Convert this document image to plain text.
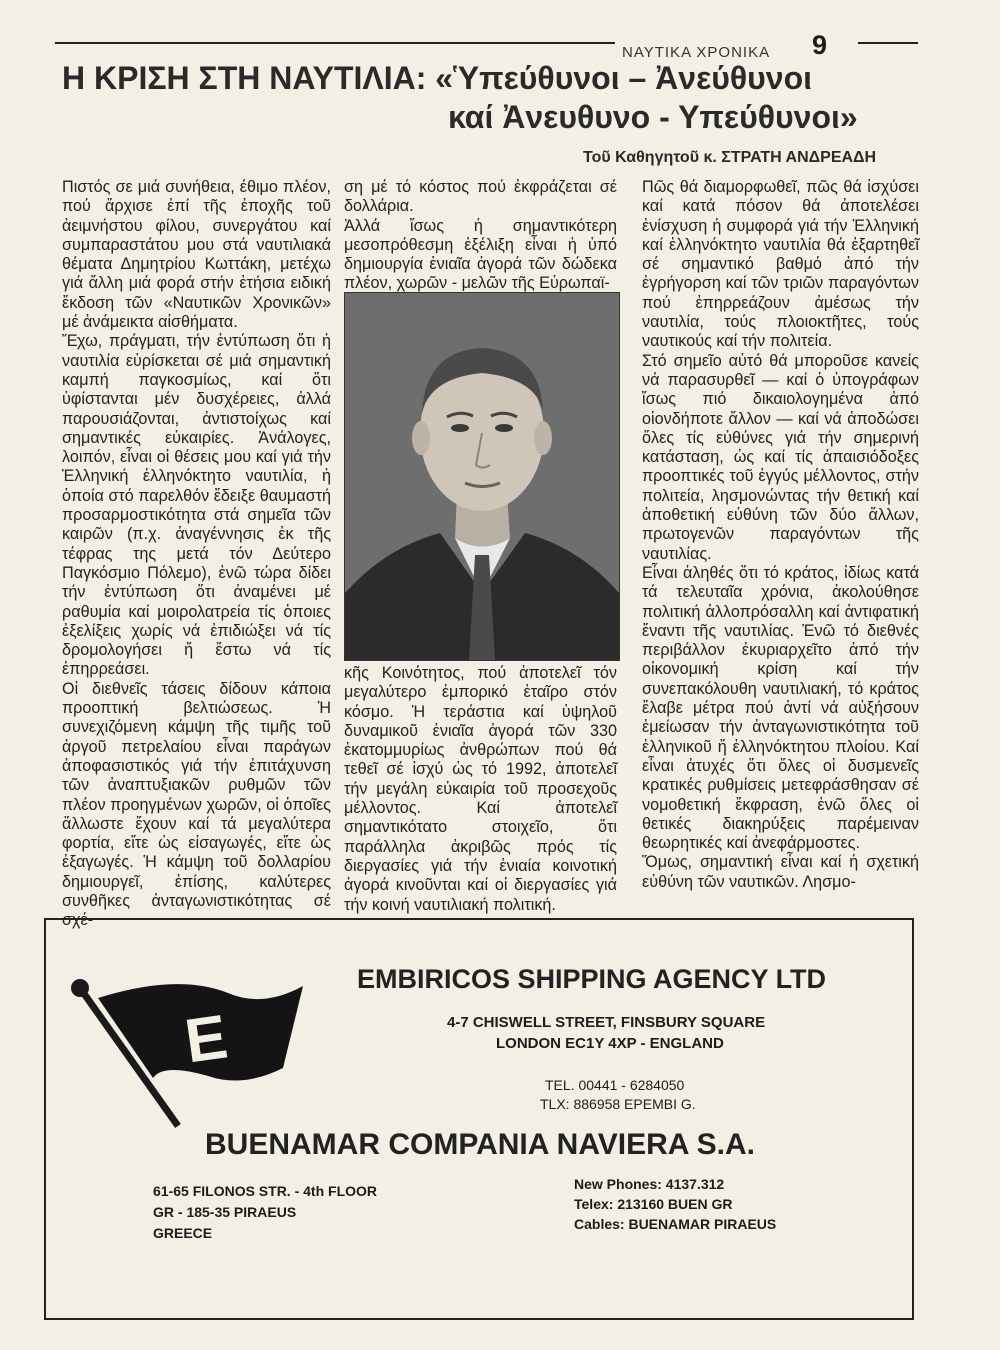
ΝΑΥΤΙΚΑ ΧΡΟΝΙΚΑ 9
Η ΚΡΙΣΗ ΣΤΗ ΝΑΥΤΙΛΙΑ: «Ὑπεύθυνοι – Ἀνεύθυνοι
καί Ἀνευθυνο - Υπεύθυνοι»
Τοῦ Καθηγητοῦ κ. ΣΤΡΑΤΗ ΑΝΔΡΕΑΔΗ
Πιστός σε μιά συνήθεια, έθιμο πλέον, πού ἄρχισε ἐπί τῆς ἐποχῆς τοῦ ἀειμνήστου φίλου, συνεργάτου καί συμπαραστάτου μου στά ναυτιλιακά θέματα Δημητρίου Κωττάκη, μετέχω γιά ἄλλη μιά φορά στήν ἐτήσια ειδική ἔκδοση τῶν «Ναυτικῶν Χρονικῶν» μέ ἀνάμεικτα αἰσθήματα.
Ἔχω, πράγματι, τήν ἐντύπωση ὅτι ἡ ναυτιλία εὑρίσκεται σέ μιά σημαντική καμπή παγκοσμίως, καί ὅτι ὑφίστανται μέν δυσχέρειες, ἀλλά παρουσιάζονται, ἀντιστοίχως καί σημαντικές εὐκαιρίες. Ἀνάλογες, λοιπόν, εἶναι οἱ θέσεις μου καί γιά τήν Ἑλληνική ἑλληνόκτητο ναυτιλία, ἡ ὁποία στό παρελθόν ἔδειξε θαυμαστή προσαρμοστικότητα στά σημεῖα τῶν καιρῶν (π.χ. ἀναγέννησις ἐκ τῆς τέφρας της μετά τόν Δεύτερο Παγκόσμιο Πόλεμο), ἐνῶ τώρα δίδει τήν ἐντύπωση ὅτι ἀναμένει μέ ραθυμία καί μοιρολατρεία τίς ὁποιες ἐξελίξεις χωρίς νά ἐπιδιώξει νά τίς δρομολογήσει ἤ ἔστω νά τίς ἐπηρρεάσει.
Οἱ διεθνεῖς τάσεις δίδουν κάποια προοπτική βελτιώσεως. Ἡ συνεχιζόμενη κάμψη τῆς τιμῆς τοῦ ἀργοῦ πετρελαίου εἶναι παράγων ἀποφασιστικός γιά τήν ἐπιτάχυνση τῶν ἀναπτυξιακῶν ρυθμῶν τῶν πλέον προηγμένων χωρῶν, οἱ ὁποῖες ἄλλωστε ἔχουν καί τά μεγαλύτερα φορτία, εἴτε ὡς εἰσαγωγές, εἴτε ὡς ἐξαγωγές. Ἡ κάμψη τοῦ δολλαρίου δημιουργεῖ, ἐπίσης, καλύτερες συνθῆκες ἀνταγωνιστικότητας σέ σχέ-
ση μέ τό κόστος πού ἐκφράζεται σέ δολλάρια.
Ἀλλά ἴσως ἡ σημαντικότερη μεσοπρόθεσμη ἐξέλιξη εἶναι ἡ ὑπό δημιουργία ἑνιαῖα ἀγορά τῶν δώδεκα πλέον, χωρῶν - μελῶν τῆς Εὐρωπαϊ-
κῆς Κοινότητος, πού ἀποτελεῖ τόν μεγαλύτερο ἐμπορικό ἑταῖρο στόν κόσμο. Ἡ τεράστια καί ὑψηλοῦ δυναμικοῦ ἑνιαῖα ἀγορά τῶν 330 ἑκατομμυρίως ἀνθρώπων πού θά τεθεῖ σέ ἰσχύ ὡς τό 1992, ἀποτελεῖ τήν μεγάλη εὐκαιρία τοῦ προσεχοῦς μέλλοντος. Καί ἀποτελεῖ σημαντικότατο στοιχεῖο, ὅτι παράλληλα ἀκριβῶς πρός τίς διεργασίες γιά τήν ἑνιαία κοινοτική ἀγορά κινοῦνται καί οἱ διεργασίες γιά τήν κοινή ναυτιλιακή πολιτική.
Πῶς θά διαμορφωθεῖ, πῶς θά ἰσχύσει καί κατά πόσον θά ἀποτελέσει ἐνίσχυση ἡ συμφορά γιά τήν Ἑλληνική καί ἑλληνόκτητο ναυτιλία θά ἐξαρτηθεῖ σέ σημαντικό βαθμό ἀπό τήν ἐγρήγορση καί τῶν τριῶν παραγόντων πού ἐπηρρεάζουν ἀμέσως τήν ναυτιλία, τούς πλοιοκτῆτες, τούς ναυτικούς καί τήν πολιτεία.
Στό σημεῖο αὐτό θά μποροῦσε κανείς νά παρασυρθεῖ — καί ὁ ὑπογράφων ἴσως πιό δικαιολογημένα ἀπό οἱονδήποτε ἄλλον — καί νά ἀποδώσει ὅλες τίς εὐθύνες γιά τήν σημερινή κατάσταση, ὡς καί τίς ἀπαισιόδοξες προοπτικές τοῦ ἐγγύς μέλλοντος, στήν πολιτεία, λησμονώντας τήν θετική καί ἀποθετική εὐθύνη τῶν δύο ἄλλων, πρωτογενῶν παραγόντων τῆς ναυτιλίας.
Εἶναι ἀληθές ὅτι τό κράτος, ἰδίως κατά τά τελευταῖα χρόνια, ἀκολούθησε πολιτική ἀλλοπρόσαλλη καί ἀντιφατική ἔναντι τῆς ναυτιλίας. Ἐνῶ τό διεθνές περιβάλλον ἐκυριαρχεῖτο ἀπό τήν οἰκονομική κρίση καί τήν συνεπακόλουθη ναυτιλιακή, τό κράτος ἔλαβε μέτρα πού ἀντί νά αὐξήσουν ἐμείωσαν τήν ἀνταγωνιστικότητα τοῦ ἑλληνικοῦ ἤ ἑλληνόκτητου πλοίου. Καί εἶναι ἀτυχές ὅτι ὅλες οἱ δυσμενεῖς κρατικές ρυθμίσεις μετεφράσθησαν σέ νομοθετική ἔκφραση, ἐνῶ ὅλες οἱ θετικές διακηρύξεις παρέμειναν θεωρητικές καί ἀνεφάρμοστες.
Ὅμως, σημαντική εἶναι καί ἡ σχετική εὐθύνη τῶν ναυτικῶν. Λησμο-
E
EMBIRICOS SHIPPING AGENCY LTD
4-7 CHISWELL STREET, FINSBURY SQUARE
LONDON EC1Y 4XP - ENGLAND
TEL. 00441 - 6284050
TLX: 886958 EPEMBI G.
BUENAMAR COMPANIA NAVIERA S.A.
61-65 FILONOS STR. - 4th FLOOR
GR - 185-35 PIRAEUS
GREECE
New Phones: 4137.312
Telex: 213160 BUEN GR
Cables: BUENAMAR PIRAEUS
